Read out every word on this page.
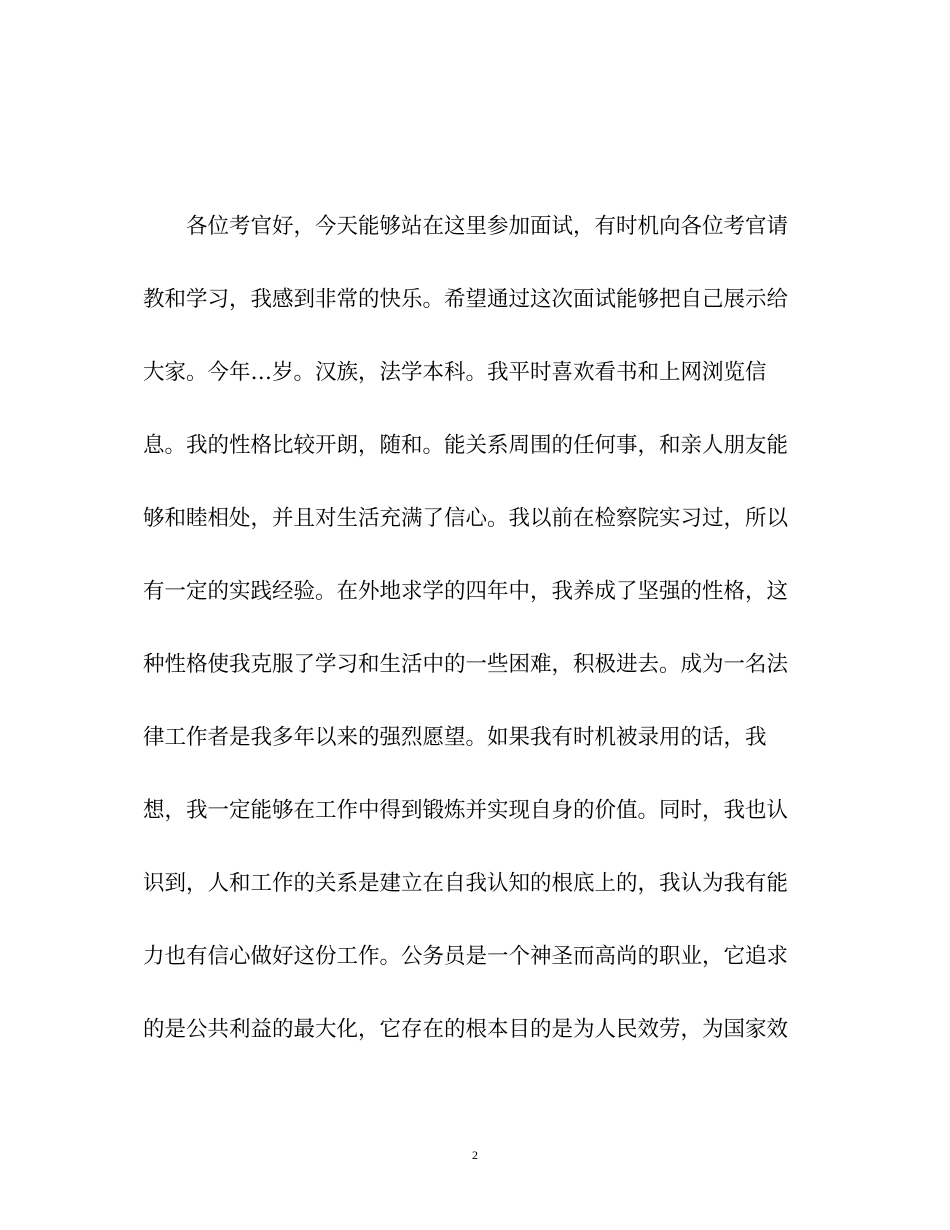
各位考官好，今天能够站在这里参加面试，有时机向各位考官请
教和学习，我感到非常的快乐。希望通过这次面试能够把自己展示给
大家。今年…岁。汉族，法学本科。我平时喜欢看书和上网浏览信
息。我的性格比较开朗，随和。能关系周围的任何事，和亲人朋友能
够和睦相处，并且对生活充满了信心。我以前在检察院实习过，所以
有一定的实践经验。在外地求学的四年中，我养成了坚强的性格，这
种性格使我克服了学习和生活中的一些困难，积极进去。成为一名法
律工作者是我多年以来的强烈愿望。如果我有时机被录用的话，我
想，我一定能够在工作中得到锻炼并实现自身的价值。同时，我也认
识到，人和工作的关系是建立在自我认知的根底上的，我认为我有能
力也有信心做好这份工作。公务员是一个神圣而高尚的职业，它追求
的是公共利益的最大化，它存在的根本目的是为人民效劳，为国家效
2
